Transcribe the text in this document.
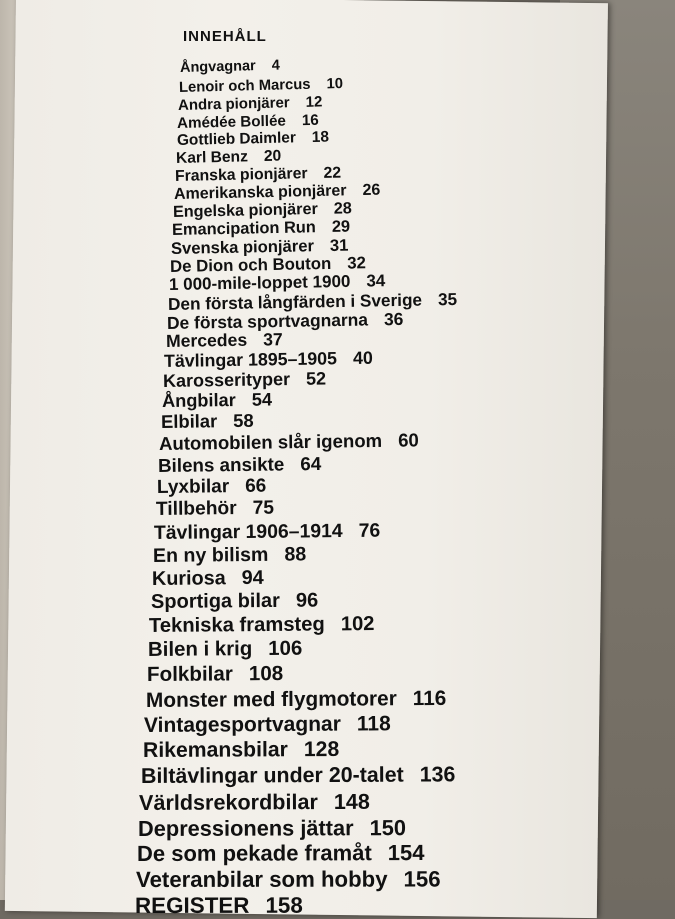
INNEHÅLL
Ångvagnar 4
Lenoir och Marcus 10
Andra pionjärer 12
Amédée Bollée 16
Gottlieb Daimler 18
Karl Benz 20
Franska pionjärer 22
Amerikanska pionjärer 26
Engelska pionjärer 28
Emancipation Run 29
Svenska pionjärer 31
De Dion och Bouton 32
1 000-mile-loppet 1900 34
Den första långfärden i Sverige 35
De första sportvagnarna 36
Mercedes 37
Tävlingar 1895–1905 40
Karosserityper 52
Ångbilar 54
Elbilar 58
Automobilen slår igenom 60
Bilens ansikte 64
Lyxbilar 66
Tillbehör 75
Tävlingar 1906–1914 76
En ny bilism 88
Kuriosa 94
Sportiga bilar 96
Tekniska framsteg 102
Bilen i krig 106
Folkbilar 108
Monster med flygmotorer 116
Vintagesportvagnar 118
Rikemansbilar 128
Biltävlingar under 20-talet 136
Världsrekordbilar 148
Depressionens jättar 150
De som pekade framåt 154
Veteranbilar som hobby 156
REGISTER 158
